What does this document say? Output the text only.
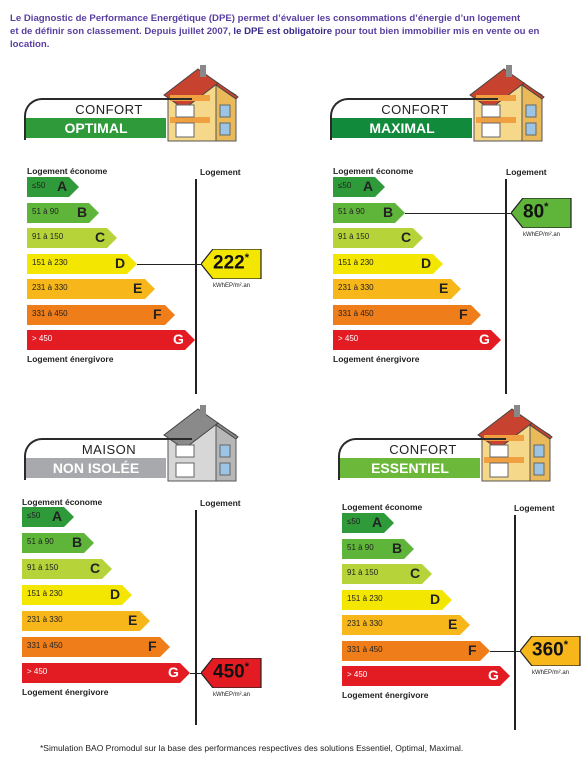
Le Diagnostic de Performance Energétique (DPE) permet d’évaluer les consommations d’énergie d’un logement
et de définir son classement. Depuis juillet 2007, le DPE est obligatoire pour tout bien immobilier mis en vente ou en location.
CONFORT
OPTIMAL
Logement économe	Logement
≤50 A
51 à 90 B
91 à 150 C
151 à 230	D	222*
kWhEP/m².an
231 à 330	E
331 à 450	F
> 450	G
Logement énergivore
CONFORT
MAXIMAL
Logement économe	Logement
≤50 A
51 à 90 B	80*
kWhEP/m².an
91 à 150 C
151 à 230	D
231 à 330	E
331 à 450	F
> 450	G
Logement énergivore
MAISON
NON ISOLÉE
Logement économe	Logement
≤50 A
51 à 90 B
91 à 150 C
151 à 230	D
231 à 330	E
331 à 450	F
> 450	G 450*
kWhEP/m².an
Logement énergivore
CONFORT
ESSENTIEL
Logement économe	Logement
≤50 A
51 à 90 B
91 à 150 C
151 à 230	D
231 à 330	E
331 à 450	F	360*
kWhEP/m².an
> 450	G
Logement énergivore
*Simulation BAO Promodul sur la base des performances respectives des solutions Essentiel, Optimal, Maximal.
